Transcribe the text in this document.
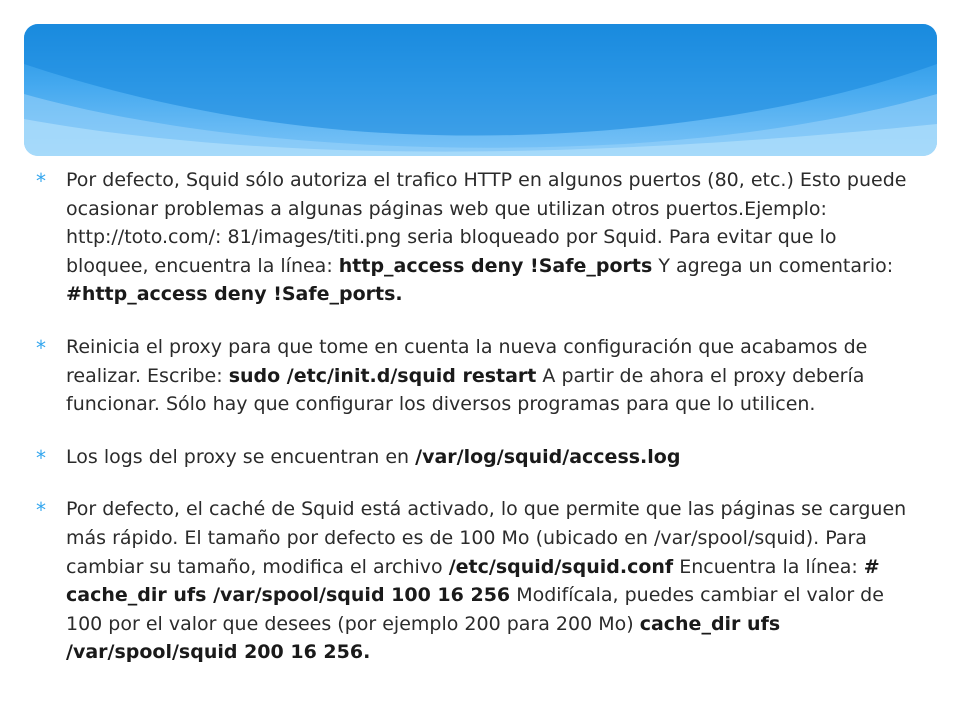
* Por defecto, Squid sólo autoriza el trafico HTTP en algunos puertos (80, etc.) Esto puede ocasionar problemas a algunas páginas web que utilizan otros puertos.Ejemplo: http://toto.com/: 81/images/titi.png seria bloqueado por Squid. Para evitar que lo bloquee, encuentra la línea: http_access deny !Safe_ports Y agrega un comentario: #http_access deny !Safe_ports.
* Reinicia el proxy para que tome en cuenta la nueva configuración que acabamos de realizar. Escribe: sudo /etc/init.d/squid restart A partir de ahora el proxy debería funcionar. Sólo hay que configurar los diversos programas para que lo utilicen.
* Los logs del proxy se encuentran en /var/log/squid/access.log
* Por defecto, el caché de Squid está activado, lo que permite que las páginas se carguen más rápido. El tamaño por defecto es de 100 Mo (ubicado en /var/spool/squid). Para cambiar su tamaño, modifica el archivo /etc/squid/squid.conf Encuentra la línea: # cache_dir ufs /var/spool/squid 100 16 256 Modifícala, puedes cambiar el valor de 100 por el valor que desees (por ejemplo 200 para 200 Mo) cache_dir ufs /var/spool/squid 200 16 256.
